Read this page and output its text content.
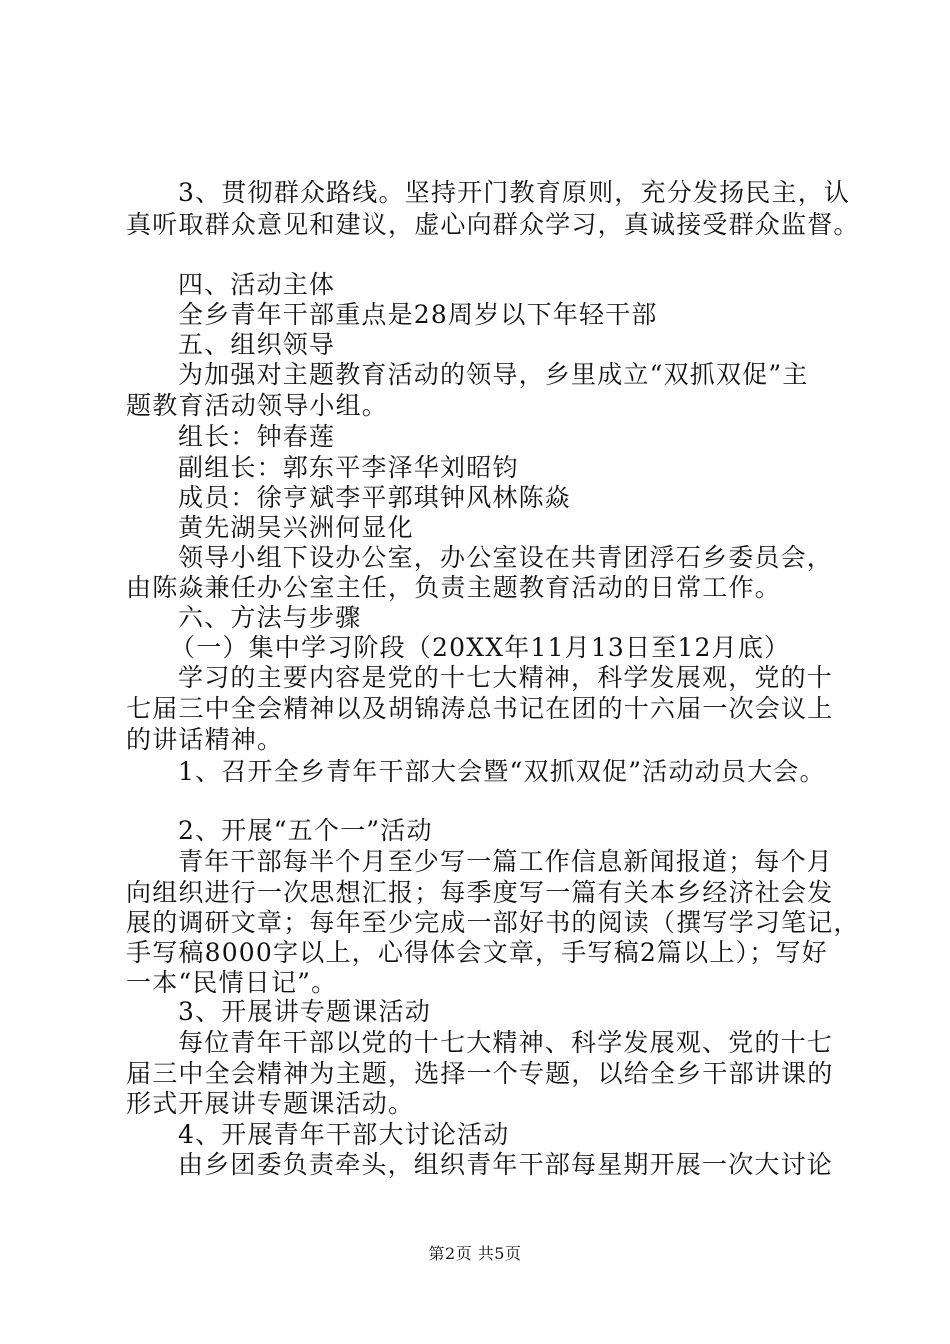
3、贯彻群众路线。坚持开门教育原则，充分发扬民主，认
真听取群众意见和建议，虚心向群众学习，真诚接受群众监督。
四、活动主体
全乡青年干部重点是28周岁以下年轻干部
五、组织领导
为加强对主题教育活动的领导，乡里成立“双抓双促”主
题教育活动领导小组。
组长：钟春莲
副组长：郭东平李泽华刘昭钧
成员：徐亨斌李平郭琪钟风林陈焱
黄先湖吴兴洲何显化
领导小组下设办公室，办公室设在共青团浮石乡委员会，
由陈焱兼任办公室主任，负责主题教育活动的日常工作。
六、方法与步骤
（一）集中学习阶段（20XX年11月13日至12月底）
学习的主要内容是党的十七大精神，科学发展观，党的十
七届三中全会精神以及胡锦涛总书记在团的十六届一次会议上
的讲话精神。
1、召开全乡青年干部大会暨“双抓双促”活动动员大会。
2、开展“五个一”活动
青年干部每半个月至少写一篇工作信息新闻报道；每个月
向组织进行一次思想汇报；每季度写一篇有关本乡经济社会发
展的调研文章；每年至少完成一部好书的阅读（撰写学习笔记，
手写稿8000字以上，心得体会文章，手写稿2篇以上）；写好
一本“民情日记”。
3、开展讲专题课活动
每位青年干部以党的十七大精神、科学发展观、党的十七
届三中全会精神为主题，选择一个专题，以给全乡干部讲课的
形式开展讲专题课活动。
4、开展青年干部大讨论活动
由乡团委负责牵头，组织青年干部每星期开展一次大讨论
第2页 共5页
